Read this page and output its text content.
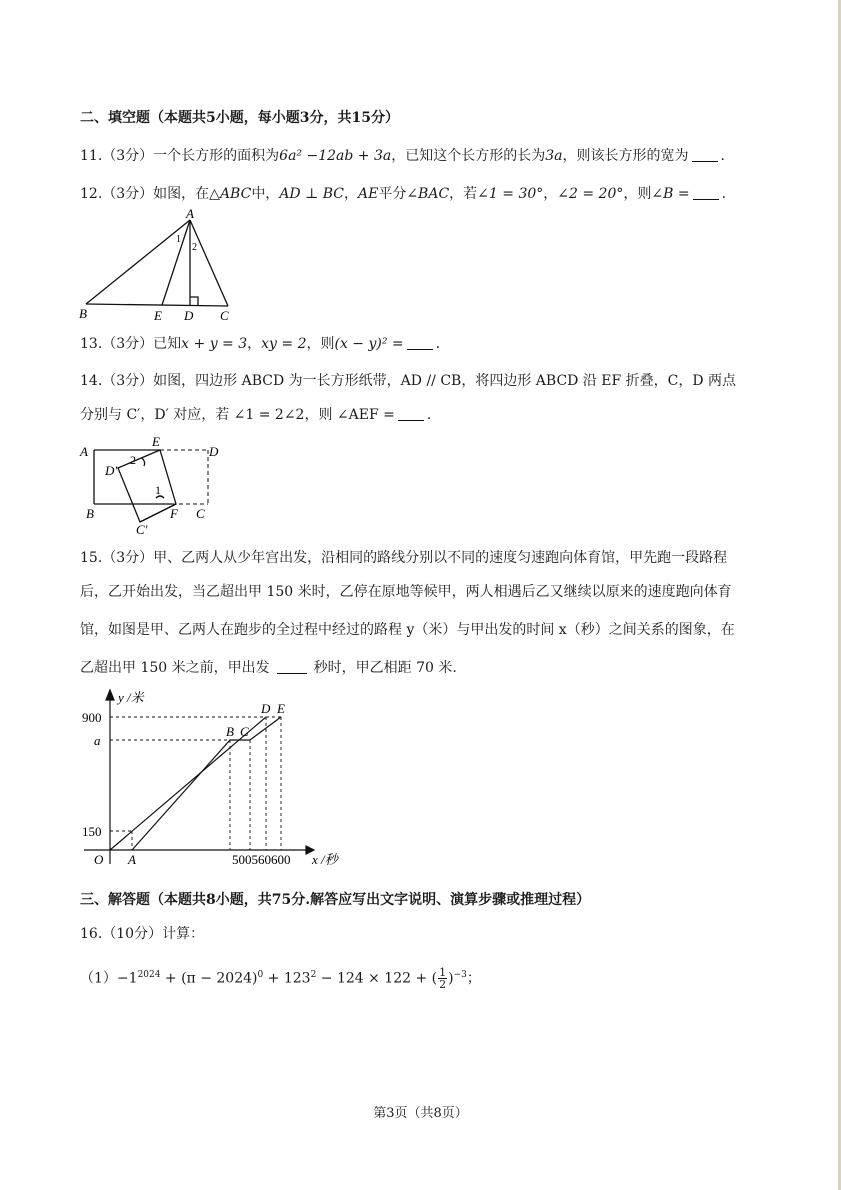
二、填空题（本题共5小题，每小题3分，共15分）
11.（3分）一个长方形的面积为6a² −12ab + 3a，已知这个长方形的长为3a，则该长方形的宽为 .
12.（3分）如图，在△ABC中，AD ⊥ BC，AE平分∠BAC，若∠1 = 30°，∠2 = 20°，则∠B = .
A
1
2
B	E D C
13.（3分）已知x + y = 3，xy = 2，则(x − y)² = .
14.（3分）如图，四边形 ABCD 为一长方形纸带，AD // CB，将四边形 ABCD 沿 EF 折叠，C，D 两点
分别与 C′，D′ 对应，若 ∠1 = 2∠2，则 ∠AEF = .
A
E
D
2
D′
1
B	F C
C′
15.（3分）甲、乙两人从少年宫出发，沿相同的路线分别以不同的速度匀速跑向体育馆，甲先跑一段路程
后，乙开始出发，当乙超出甲 150 米时，乙停在原地等候甲，两人相遇后乙又继续以原来的速度跑向体育
馆，如图是甲、乙两人在跑步的全过程中经过的路程 y（米）与甲出发的时间 x（秒）之间关系的图象，在
乙超出甲 150 米之前，甲出发	秒时，甲乙相距 70 米.
y /米
900
a
150
O A
B C
D E
500560600 x /秒
三、解答题（本题共8小题，共75分.解答应写出文字说明、演算步骤或推理过程）
16.（10分）计算：
$(1)-1^{2024} + (\pi - 2024)^0 + 123^2 - 124 \times 122$ + ( $\frac{1}{2} )^{-3}$；
第3页（共8页）
